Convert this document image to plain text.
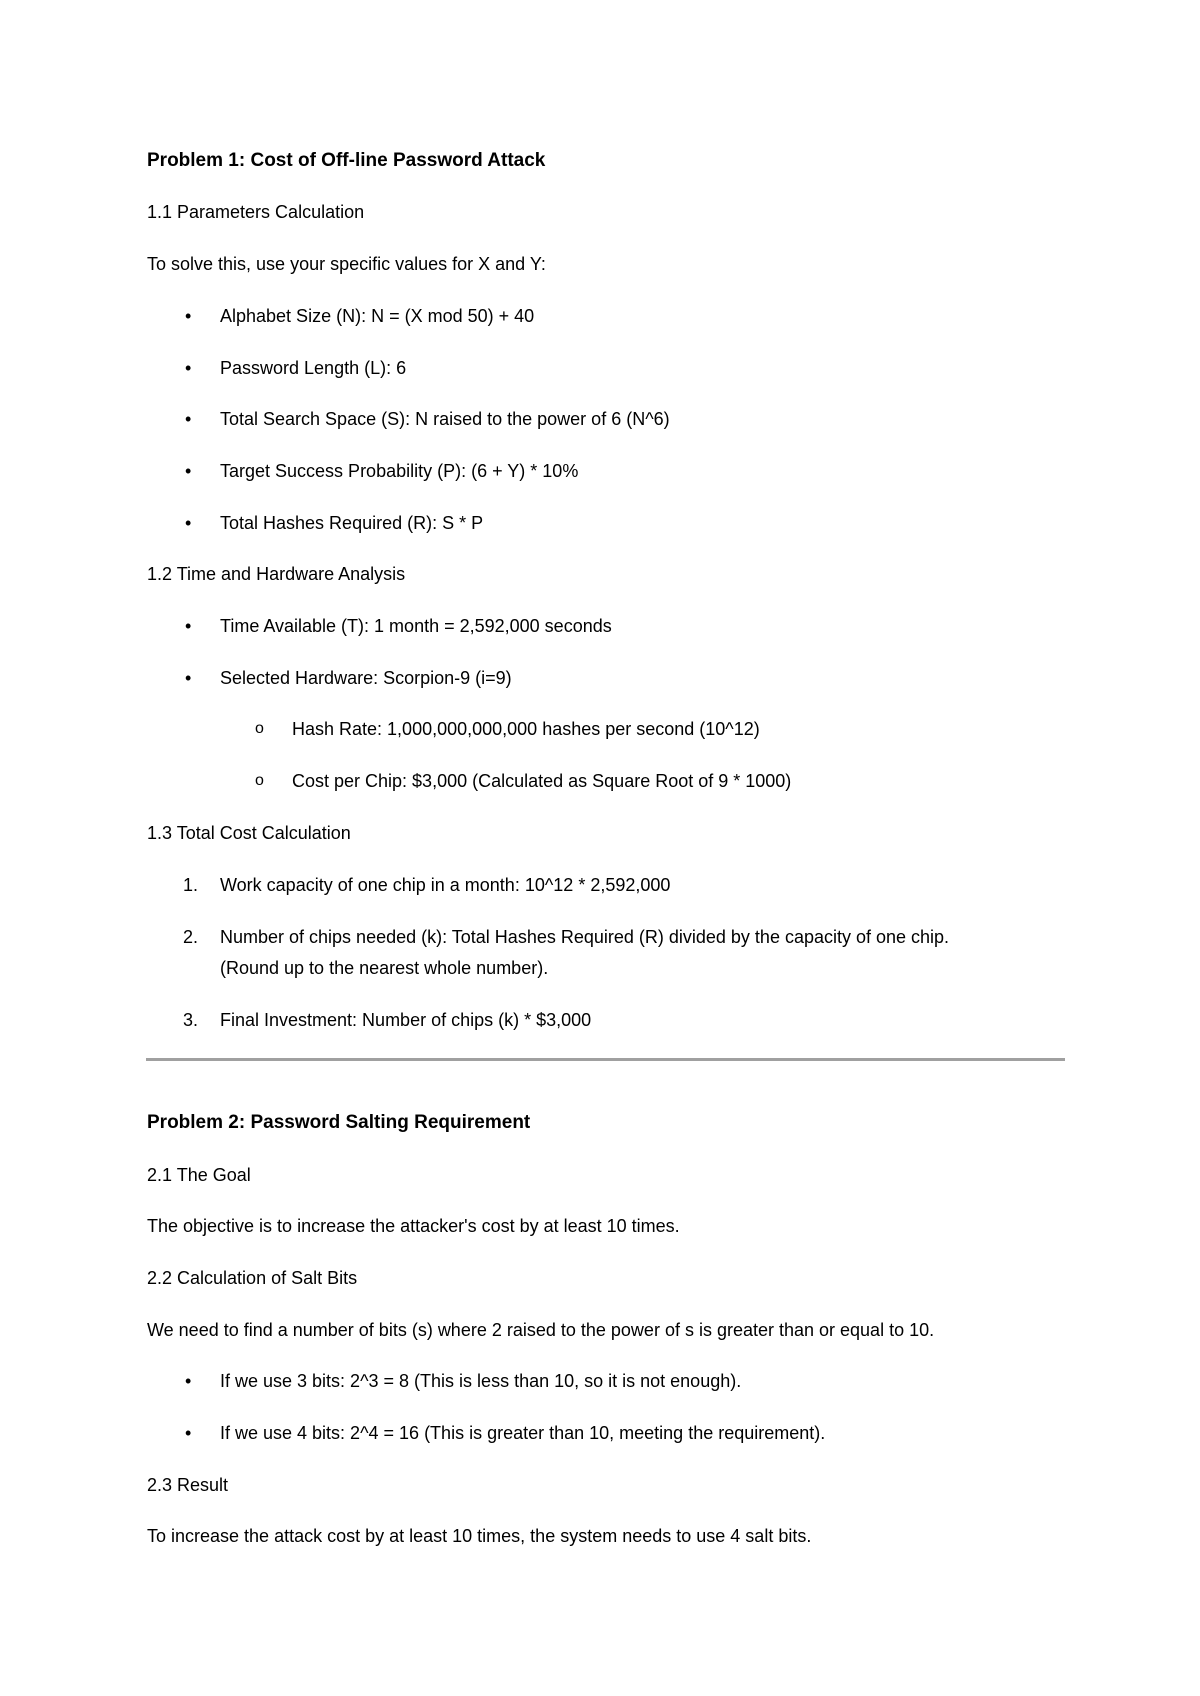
Problem 1: Cost of Off-line Password Attack

1.1 Parameters Calculation

To solve this, use your specific values for X and Y:

•	Alphabet Size (N): N = (X mod 50) + 40
•	Password Length (L): 6
•	Total Search Space (S): N raised to the power of 6 (N^6)
•	Target Success Probability (P): (6 + Y) * 10%
•	Total Hashes Required (R): S * P

1.2 Time and Hardware Analysis

•	Time Available (T): 1 month = 2,592,000 seconds
•	Selected Hardware: Scorpion-9 (i=9)
o	Hash Rate: 1,000,000,000,000 hashes per second (10^12)
o	Cost per Chip: $3,000 (Calculated as Square Root of 9 * 1000)

1.3 Total Cost Calculation

1.	Work capacity of one chip in a month: 10^12 * 2,592,000
2.	Number of chips needed (k): Total Hashes Required (R) divided by the capacity of one chip.
(Round up to the nearest whole number).
3.	Final Investment: Number of chips (k) * $3,000

Problem 2: Password Salting Requirement

2.1 The Goal

The objective is to increase the attacker's cost by at least 10 times.

2.2 Calculation of Salt Bits

We need to find a number of bits (s) where 2 raised to the power of s is greater than or equal to 10.

•	If we use 3 bits: 2^3 = 8 (This is less than 10, so it is not enough).
•	If we use 4 bits: 2^4 = 16 (This is greater than 10, meeting the requirement).

2.3 Result

To increase the attack cost by at least 10 times, the system needs to use 4 salt bits.
